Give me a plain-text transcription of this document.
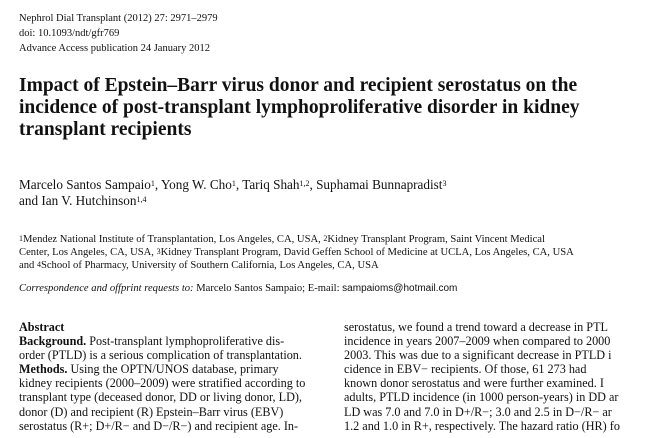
Nephrol Dial Transplant (2012) 27: 2971–2979
doi: 10.1093/ndt/gfr769
Advance Access publication 24 January 2012
Impact of Epstein–Barr virus donor and recipient serostatus on the
incidence of post-transplant lymphoproliferative disorder in kidney
transplant recipients
Marcelo Santos Sampaio$^1$, Yong W. Cho$^1$, Tariq Shah$^{1,2}$, Suphamai Bunnapradist$^3$
and Ian V. Hutchinson$^{1,4}$
$^1$Mendez National Institute of Transplantation, Los Angeles, CA, USA, $^2$Kidney Transplant Program, Saint Vincent Medical
Center, Los Angeles, CA, USA, $^3$Kidney Transplant Program, David Geffen School of Medicine at UCLA, Los Angeles, CA, USA
and $^4$School of Pharmacy, University of Southern California, Los Angeles, CA, USA
Correspondence and offprint requests to: Marcelo Santos Sampaio; E-mail: sampaioms@hotmail.com
Abstract
Background. Post-transplant lymphoproliferative dis-
order (PTLD) is a serious complication of transplantation.
Methods. Using the OPTN/UNOS database, primary
kidney recipients (2000–2009) were stratified according to
transplant type (deceased donor, DD or living donor, LD),
donor (D) and recipient (R) Epstein–Barr virus (EBV)
serostatus (R+; D+/R− and D−/R−) and recipient age. In-
serostatus, we found a trend toward a decrease in PTL
incidence in years 2007–2009 when compared to 2000
2003. This was due to a significant decrease in PTLD i
cidence in EBV− recipients. Of those, 61 273 had
known donor serostatus and were further examined. I
adults, PTLD incidence (in 1000 person-years) in DD ar
LD was 7.0 and 7.0 in D+/R−; 3.0 and 2.5 in D−/R− ar
1.2 and 1.0 in R+, respectively. The hazard ratio (HR) fo
